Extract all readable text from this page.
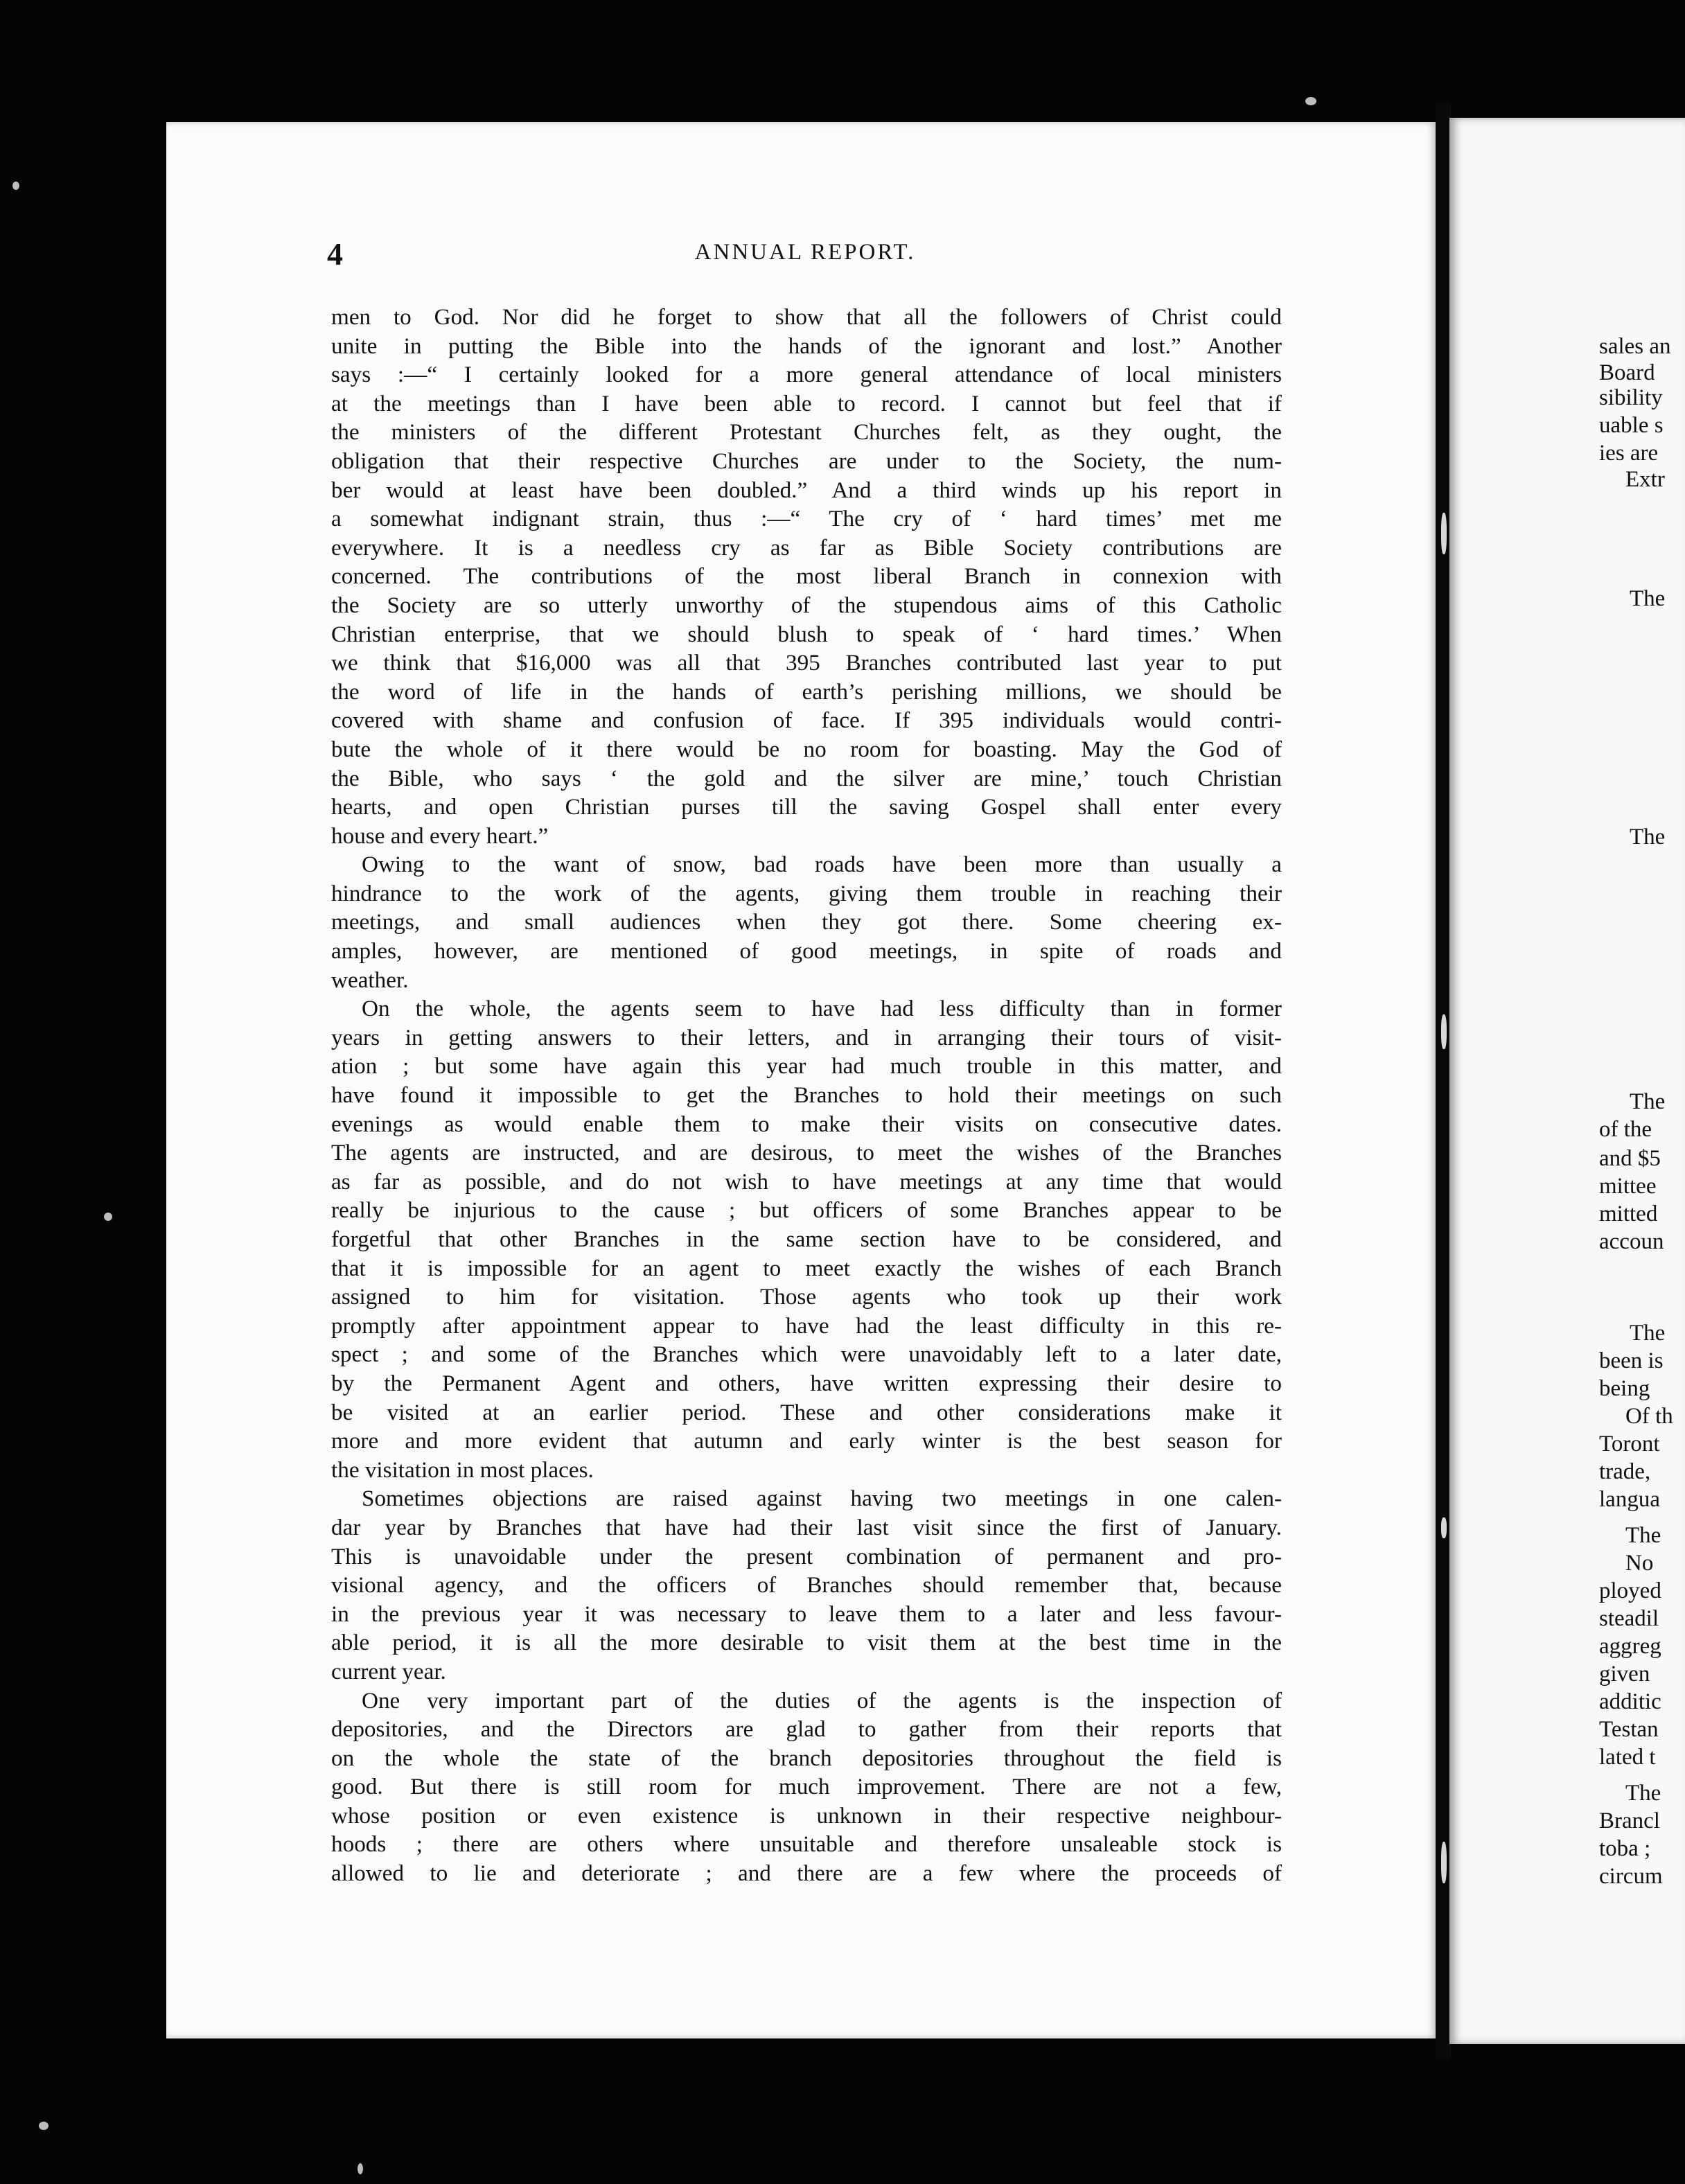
4	ANNUAL REPORT.
men to God. Nor did he forget to show that all the followers of Christ could
unite in putting the Bible into the hands of the ignorant and lost.” Another
says :—“ I certainly looked for a more general attendance of local ministers
at the meetings than I have been able to record. I cannot but feel that if
the ministers of the different Protestant Churches felt, as they ought, the
obligation that their respective Churches are under to the Society, the num-
ber would at least have been doubled.” And a third winds up his report in
a somewhat indignant strain, thus :—“ The cry of ‘ hard times’ met me
everywhere. It is a needless cry as far as Bible Society contributions are
concerned. The contributions of the most liberal Branch in connexion with
the Society are so utterly unworthy of the stupendous aims of this Catholic
Christian enterprise, that we should blush to speak of ‘ hard times.’ When
we think that $16,000 was all that 395 Branches contributed last year to put
the word of life in the hands of earth’s perishing millions, we should be
covered with shame and confusion of face. If 395 individuals would contri-
bute the whole of it there would be no room for boasting. May the God of
the Bible, who says ‘ the gold and the silver are mine,’ touch Christian
hearts, and open Christian purses till the saving Gospel shall enter every
house and every heart.”
Owing to the want of snow, bad roads have been more than usually a
hindrance to the work of the agents, giving them trouble in reaching their
meetings, and small audiences when they got there. Some cheering ex-
amples, however, are mentioned of good meetings, in spite of roads and
weather.
On the whole, the agents seem to have had less difficulty than in former
years in getting answers to their letters, and in arranging their tours of visit-
ation ; but some have again this year had much trouble in this matter, and
have found it impossible to get the Branches to hold their meetings on such
evenings as would enable them to make their visits on consecutive dates.
The agents are instructed, and are desirous, to meet the wishes of the Branches
as far as possible, and do not wish to have meetings at any time that would
really be injurious to the cause ; but officers of some Branches appear to be
forgetful that other Branches in the same section have to be considered, and
that it is impossible for an agent to meet exactly the wishes of each Branch
assigned to him for visitation. Those agents who took up their work
promptly after appointment appear to have had the least difficulty in this re-
spect ; and some of the Branches which were unavoidably left to a later date,
by the Permanent Agent and others, have written expressing their desire to
be visited at an earlier period. These and other considerations make it
more and more evident that autumn and early winter is the best season for
the visitation in most places.
Sometimes objections are raised against having two meetings in one calen-
dar year by Branches that have had their last visit since the first of January.
This is unavoidable under the present combination of permanent and pro-
visional agency, and the officers of Branches should remember that, because
in the previous year it was necessary to leave them to a later and less favour-
able period, it is all the more desirable to visit them at the best time in the
current year.
One very important part of the duties of the agents is the inspection of
depositories, and the Directors are glad to gather from their reports that
on the whole the state of the branch depositories throughout the field is
good. But there is still room for much improvement. There are not a few,
whose position or even existence is unknown in their respective neighbour-
hoods ; there are others where unsuitable and therefore unsaleable stock is
allowed to lie and deteriorate ; and there are a few where the proceeds of
sales an
Board
sibility
uable s
ies are
Extr
The
The
The
of the
and $5
mittee
mitted
accoun
The
been is
being
Of th
Toront
trade,
langua
The
No
ployed
steadil
aggreg
given
additic
Testan
lated t
The
Brancl
toba ;
circum
